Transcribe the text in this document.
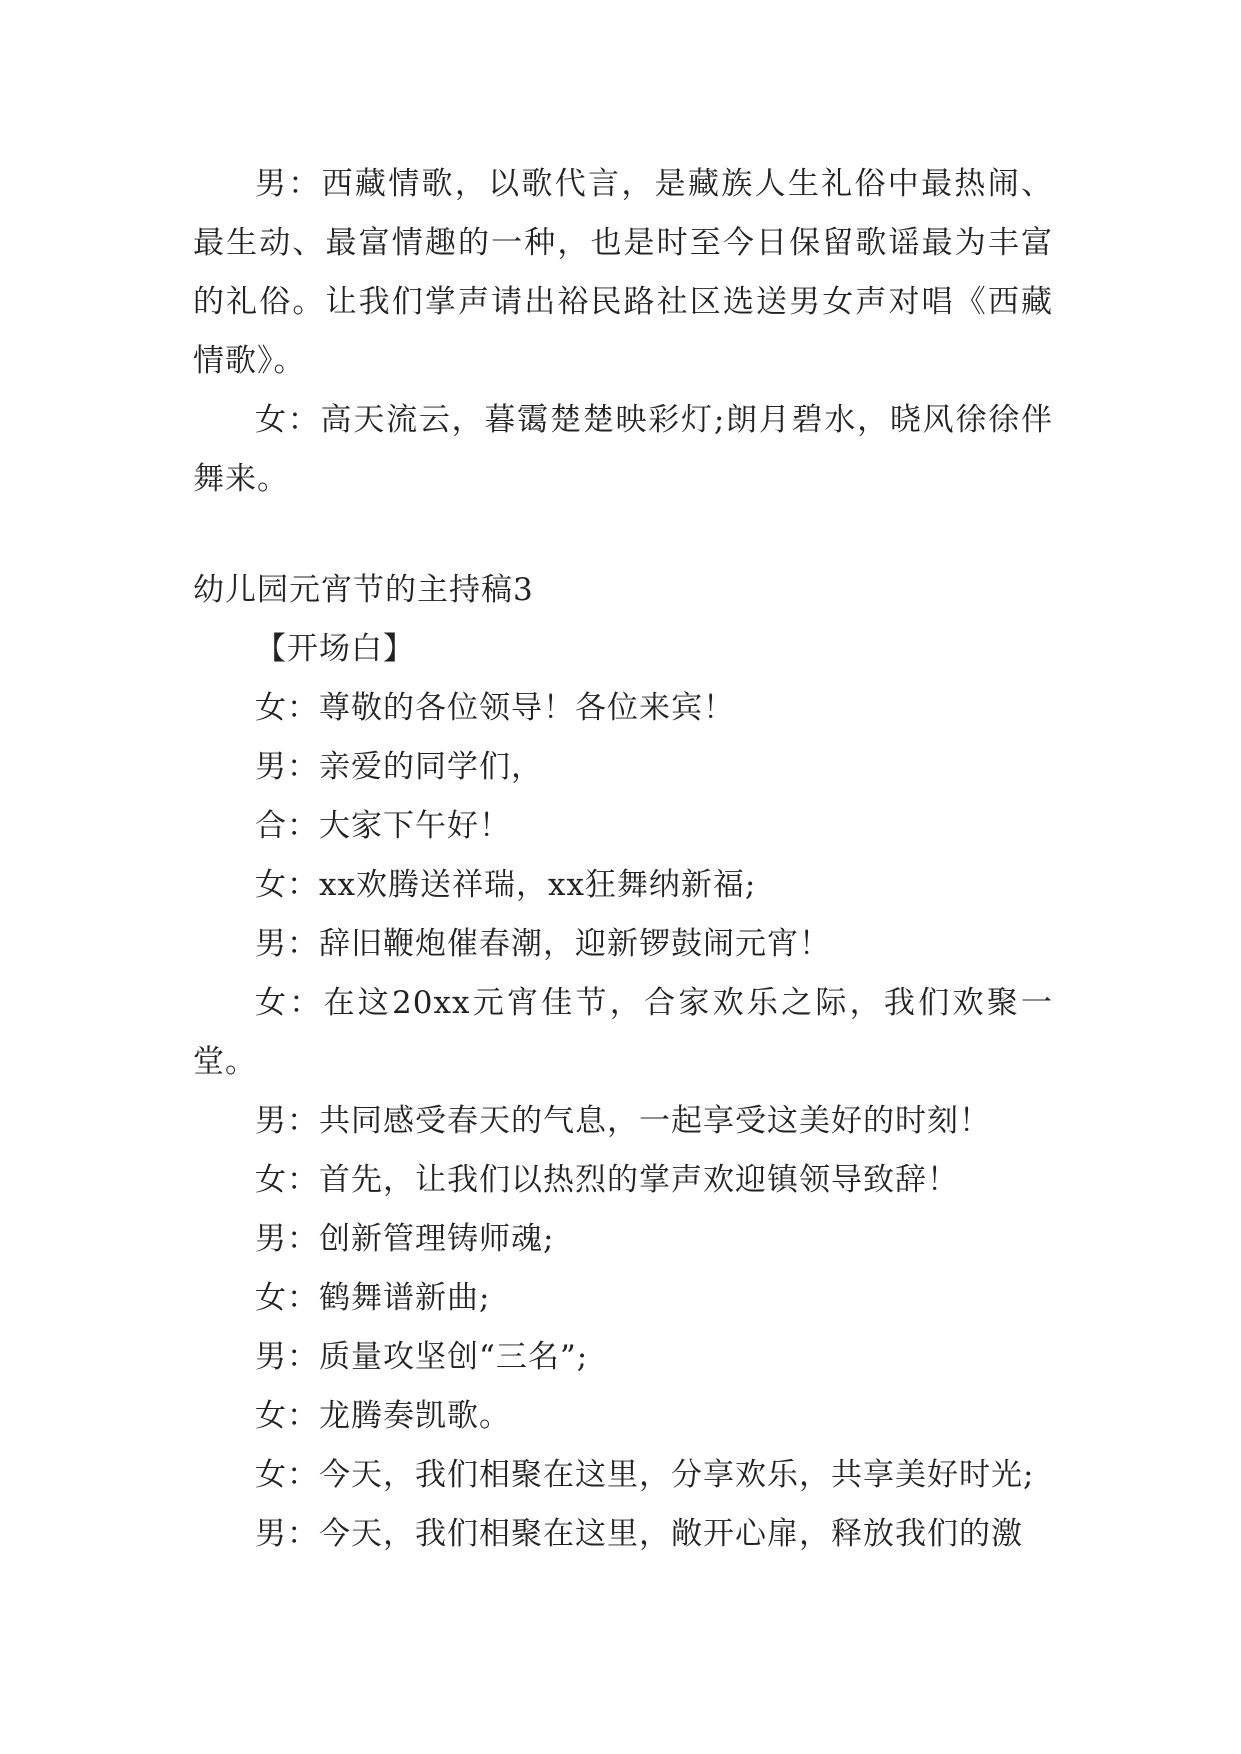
男：西藏情歌，以歌代言，是藏族人生礼俗中最热闹、最生动、最富情趣的一种，也是时至今日保留歌谣最为丰富的礼俗。让我们掌声请出裕民路社区选送男女声对唱《西藏情歌》。

女：高天流云，暮霭楚楚映彩灯;朗月碧水，晓风徐徐伴舞来。

幼儿园元宵节的主持稿3

【开场白】

女：尊敬的各位领导！各位来宾！

男：亲爱的同学们，

合：大家下午好！

女：xx欢腾送祥瑞，xx狂舞纳新福;

男：辞旧鞭炮催春潮，迎新锣鼓闹元宵！

女：在这20xx元宵佳节，合家欢乐之际，我们欢聚一堂。

男：共同感受春天的气息，一起享受这美好的时刻！

女：首先，让我们以热烈的掌声欢迎镇领导致辞！

男：创新管理铸师魂;

女：鹤舞谱新曲;

男：质量攻坚创“三名”;

女：龙腾奏凯歌。

女：今天，我们相聚在这里，分享欢乐，共享美好时光;

男：今天，我们相聚在这里，敞开心扉，释放我们的激
